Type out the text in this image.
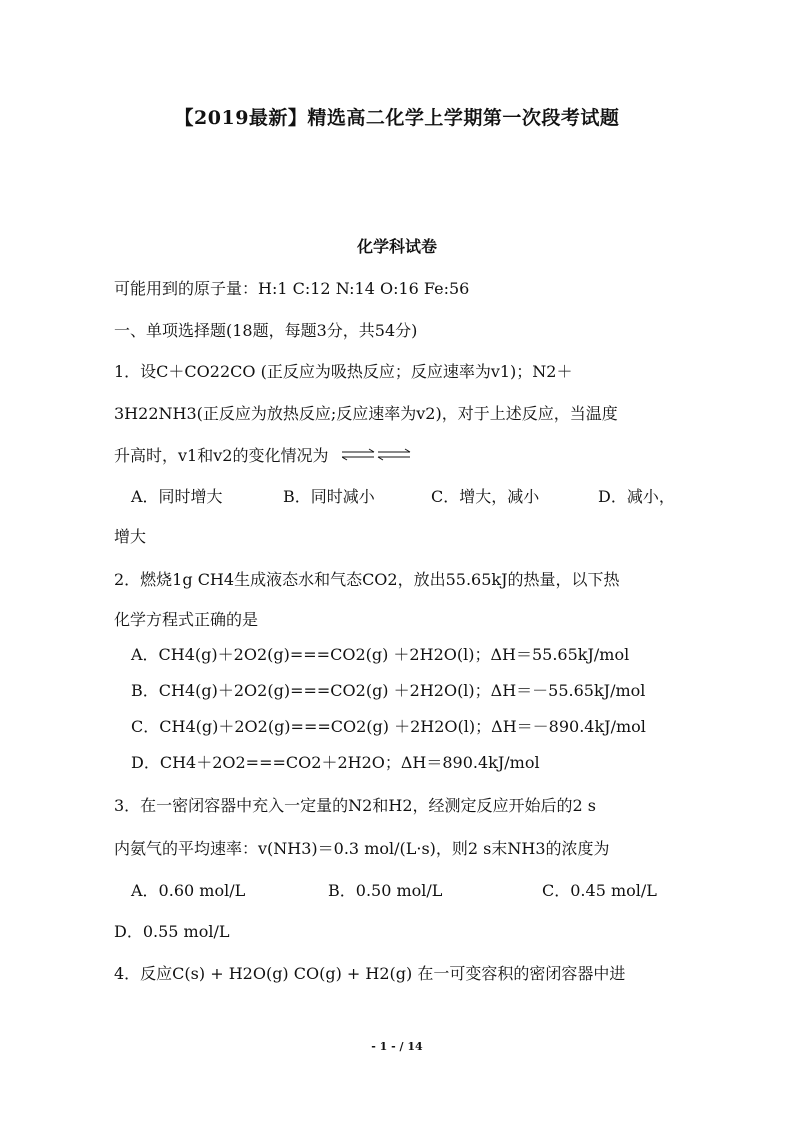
【2019最新】精选高二化学上学期第一次段考试题
化学科试卷
可能用到的原子量：H:1 C:12 N:14 O:16 Fe:56
一、单项选择题(18题，每题3分，共54分)
1．设C＋CO22CO (正反应为吸热反应；反应速率为v1)；N2＋
3H22NH3(正反应为放热反应;反应速率为v2)，对于上述反应，当温度
升高时，v1和v2的变化情况为
A．同时增大	B．同时减小	C．增大，减小	D．减小，
增大
2．燃烧1g CH4生成液态水和气态CO2，放出55.65kJ的热量，以下热
化学方程式正确的是
A．CH4(g)＋2O2(g)===CO2(g) ＋2H2O(l)；ΔH＝55.65kJ/mol
B．CH4(g)＋2O2(g)===CO2(g) ＋2H2O(l)；ΔH＝－55.65kJ/mol
C．CH4(g)＋2O2(g)===CO2(g) ＋2H2O(l)；ΔH＝－890.4kJ/mol
D．CH4＋2O2===CO2＋2H2O；ΔH＝890.4kJ/mol
3．在一密闭容器中充入一定量的N2和H2，经测定反应开始后的2 s
内氨气的平均速率：v(NH3)＝0.3 mol/(L·s)，则2 s末NH3的浓度为
A．0.60 mol/L	B．0.50 mol/L	C．0.45 mol/L
D．0.55 mol/L
4．反应C(s) + H2O(g) CO(g) + H2(g) 在一可变容积的密闭容器中进
- 1 - / 14
